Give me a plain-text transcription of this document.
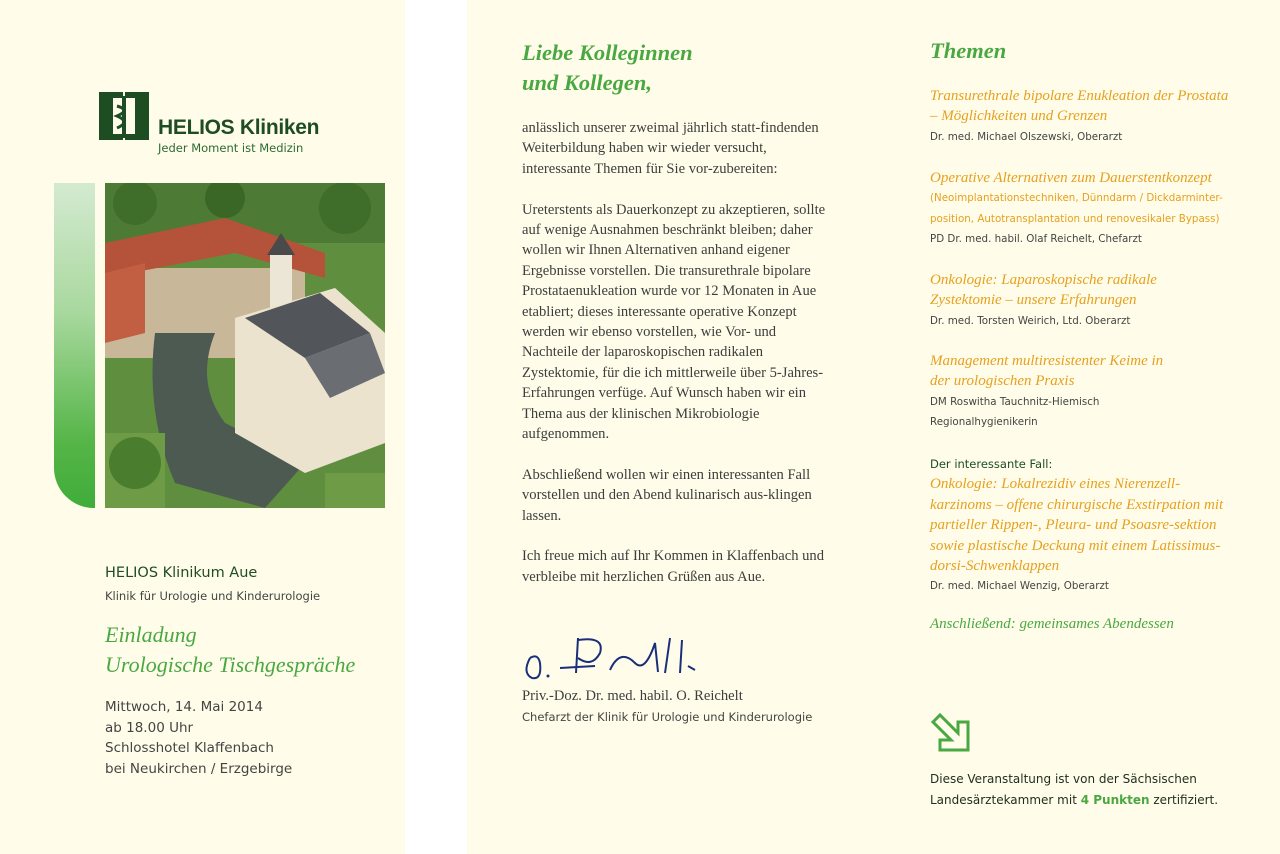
HELIOS Kliniken
Jeder Moment ist Medizin
HELIOS Klinikum Aue
Klinik für Urologie und Kinderurologie
Einladung
Urologische Tischgespräche
Mittwoch, 14. Mai 2014
ab 18.00 Uhr
Schlosshotel Klaffenbach
bei Neukirchen / Erzgebirge
Liebe Kolleginnen
und Kollegen,

anlässlich unserer zweimal jährlich statt-findenden Weiterbildung haben wir wieder versucht, interessante Themen für Sie vor-zubereiten:

Ureterstents als Dauerkonzept zu akzeptieren, sollte auf wenige Ausnahmen beschränkt bleiben; daher wollen wir Ihnen Alternativen anhand eigener Ergebnisse vorstellen. Die transurethrale bipolare Prostataenukleation wurde vor 12 Monaten in Aue etabliert; dieses interessante operative Konzept werden wir ebenso vorstellen, wie Vor- und Nachteile der laparoskopischen radikalen Zystektomie, für die ich mittlerweile über 5-Jahres-Erfahrungen verfüge. Auf Wunsch haben wir ein Thema aus der klinischen Mikrobiologie aufgenommen.

Abschließend wollen wir einen interessanten Fall vorstellen und den Abend kulinarisch aus-klingen lassen.

Ich freue mich auf Ihr Kommen in Klaffenbach und verbleibe mit herzlichen Grüßen aus Aue.

Priv.-Doz. Dr. med. habil. O. Reichelt
Chefarzt der Klinik für Urologie und Kinderurologie
Themen
Transurethrale bipolare Enukleation der Prostata – Möglichkeiten und Grenzen
Dr. med. Michael Olszewski, Oberarzt
Operative Alternativen zum Dauerstentkonzept
(Neoimplantationstechniken, Dünndarm / Dickdarminter-position, Autotransplantation und renovesikaler Bypass)
PD Dr. med. habil. Olaf Reichelt, Chefarzt
Onkologie: Laparoskopische radikale Zystektomie – unsere Erfahrungen
Dr. med. Torsten Weirich, Ltd. Oberarzt
Management multiresistenter Keime in der urologischen Praxis
DM Roswitha Tauchnitz-Hiemisch Regionalhygienikerin
Der interessante Fall:
Onkologie: Lokalrezidiv eines Nierenzell-karzinoms – offene chirurgische Exstirpation mit partieller Rippen-, Pleura- und Psoasre-sektion sowie plastische Deckung mit einem Latissimus-dorsi-Schwenklappen
Dr. med. Michael Wenzig, Oberarzt
Anschließend: gemeinsames Abendessen
Diese Veranstaltung ist von der Sächsischen Landesärztekammer mit 4 Punkten zertifiziert.
